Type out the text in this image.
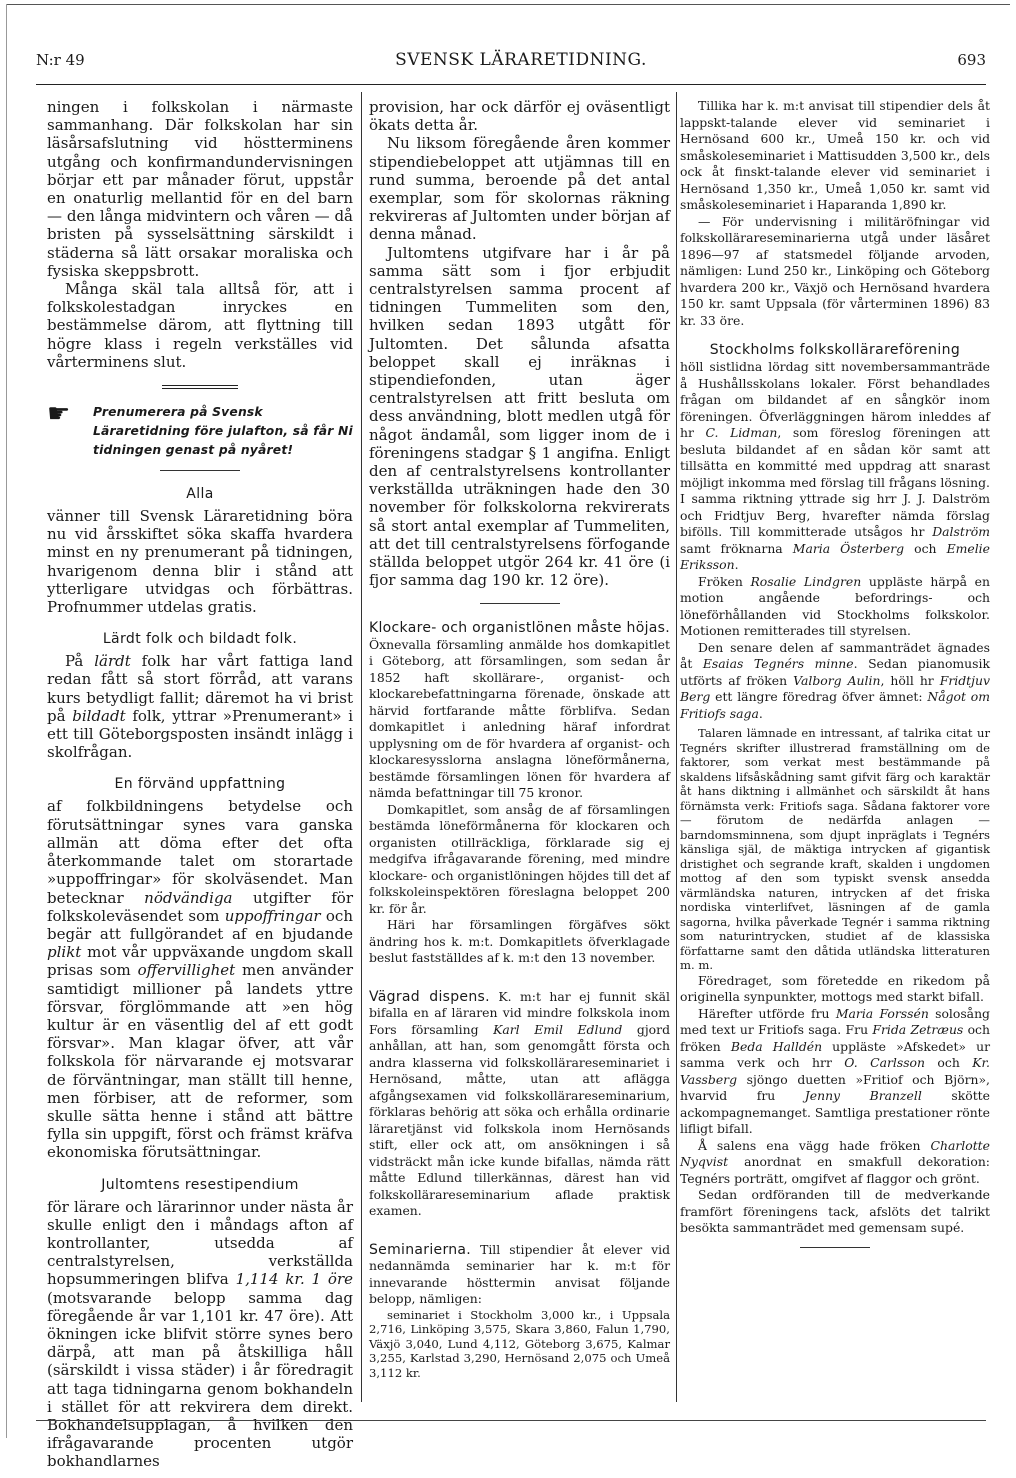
N:r 49	SVENSK LÄRARETIDNING.	693

ningen i folkskolan i närmaste sammanhang. Där folkskolan har sin läsårsafslutning vid höstterminens utgång och konfirmandundervisningen börjar ett par månader förut, uppstår en onaturlig mellantid för en del barn — den långa midvintern och våren — då bristen på sysselsättning särskildt i städerna så lätt orsakar moraliska och fysiska skeppsbrott.

Många skäl tala alltså för, att i folkskolestadgan inryckes en bestämmelse därom, att flyttning till högre klass i regeln verkställes vid vårterminens slut.

☛	Prenumerera på Svensk Läraretidning före julafton, så får Ni tidningen genast på nyåret!
Alla

vänner till Svensk Läraretidning böra nu vid årsskiftet söka skaffa hvardera minst en ny prenumerant på tidningen, hvarigenom denna blir i stånd att ytterligare utvidgas och förbättras. Profnummer utdelas gratis.

Lärdt folk och bildadt folk.

På lärdt folk har vårt fattiga land redan fått så stort förråd, att varans kurs betydligt fallit; däremot ha vi brist på bildadt folk, yttrar »Prenumerant» i ett till Göteborgsposten insändt inlägg i skolfrågan.

En förvänd uppfattning

af folkbildningens betydelse och förutsättningar synes vara ganska allmän att döma efter det ofta återkommande talet om storartade »uppoffringar» för skolväsendet. Man betecknar nödvändiga utgifter för folkskoleväsendet som uppoffringar och begär att fullgörandet af en bjudande plikt mot vår uppväxande ungdom skall prisas som offervillighet men använder samtidigt millioner på landets yttre försvar, förglömmande att »en hög kultur är en väsentlig del af ett godt försvar». Man klagar öfver, att vår folkskola för närvarande ej motsvarar de förväntningar, man ställt till henne, men förbiser, att de reformer, som skulle sätta henne i stånd att bättre fylla sin uppgift, först och främst kräfva ekonomiska förutsättningar.

Jultomtens resestipendium

för lärare och lärarinnor under nästa år skulle enligt den i måndags afton af kontrollanter, utsedda af centralstyrelsen, verkställda hopsummeringen blifva 1,114 kr. 1 öre (motsvarande belopp samma dag föregående år var 1,101 kr. 47 öre). Att ökningen icke blifvit större synes bero därpå, att man på åtskilliga håll (särskildt i vissa städer) i år föredragit att taga tidningarna genom bokhandeln i stället för att rekvirera dem direkt. Bokhandelsupplagan, å hvilken den ifrågavarande procenten utgör bokhandlarnes

provision, har ock därför ej oväsentligt ökats detta år.

Nu liksom föregående åren kommer stipendiebeloppet att utjämnas till en rund summa, beroende på det antal exemplar, som för skolornas räkning rekvireras af Jultomten under början af denna månad.

Jultomtens utgifvare har i år på samma sätt som i fjor erbjudit centralstyrelsen samma procent af tidningen Tummeliten som den, hvilken sedan 1893 utgått för Jultomten. Det sålunda afsatta beloppet skall ej inräknas i stipendiefonden, utan äger centralstyrelsen att fritt besluta om dess användning, blott medlen utgå för något ändamål, som ligger inom de i föreningens stadgar § 1 angifna. Enligt den af centralstyrelsens kontrollanter verkställda uträkningen hade den 30 november för folkskolorna rekvirerats så stort antal exemplar af Tummeliten, att det till centralstyrelsens förfogande ställda beloppet utgör 264 kr. 41 öre (i fjor samma dag 190 kr. 12 öre).

Klockare- och organistlönen måste höjas. Öxnevalla församling anmälde hos domkapitlet i Göteborg, att församlingen, som sedan år 1852 haft skollärare-, organist- och klockarebefattningarna förenade, önskade att härvid fortfarande måtte förblifva. Sedan domkapitlet i anledning häraf infordrat upplysning om de för hvardera af organist- och klockaresysslorna anslagna löneförmånerna, bestämde församlingen lönen för hvardera af nämda befattningar till 75 kronor.

Domkapitlet, som ansåg de af församlingen bestämda löneförmånerna för klockaren och organisten otillräckliga, förklarade sig ej medgifva ifrågavarande förening, med mindre klockare- och organistlöningen höjdes till det af folkskoleinspektören föreslagna beloppet 200 kr. för år.

Häri har församlingen förgäfves sökt ändring hos k. m:t. Domkapitlets öfverklagade beslut fastställdes af k. m:t den 13 november.

Vägrad dispens. K. m:t har ej funnit skäl bifalla en af läraren vid mindre folkskola inom Fors församling Karl Emil Edlund gjord anhållan, att han, som genomgått första och andra klasserna vid folkskollärareseminariet i Hernösand, måtte, utan att aflägga afgångsexamen vid folkskollärareseminarium, förklaras behörig att söka och erhålla ordinarie läraretjänst vid folkskola inom Hernösands stift, eller ock att, om ansökningen i så vidsträckt mån icke kunde bifallas, nämda rätt måtte Edlund tillerkännas, därest han vid folkskollärareseminarium aflade praktisk examen.

Seminarierna. Till stipendier åt elever vid nedannämda seminarier har k. m:t för innevarande hösttermin anvisat följande belopp, nämligen:

seminariet i Stockholm 3,000 kr., i Uppsala 2,716, Linköping 3,575, Skara 3,860, Falun 1,790, Växjö 3,040, Lund 4,112, Göteborg 3,675, Kalmar 3,255, Karlstad 3,290, Hernösand 2,075 och Umeå 3,112 kr.

Tillika har k. m:t anvisat till stipendier dels åt lappskt-talande elever vid seminariet i Hernösand 600 kr., Umeå 150 kr. och vid småskoleseminariet i Mattisudden 3,500 kr., dels ock åt finskt-talande elever vid seminariet i Hernösand 1,350 kr., Umeå 1,050 kr. samt vid småskoleseminariet i Haparanda 1,890 kr.

— För undervisning i militäröfningar vid folkskollärareseminarierna utgå under läsåret 1896—97 af statsmedel följande arvoden, nämligen: Lund 250 kr., Linköping och Göteborg hvardera 200 kr., Växjö och Hernösand hvardera 150 kr. samt Uppsala (för vårterminen 1896) 83 kr. 33 öre.

Stockholms folkskollärareförening

höll sistlidna lördag sitt novembersammanträde å Hushållsskolans lokaler. Först behandlades frågan om bildandet af en sångkör inom föreningen. Öfverläggningen härom inleddes af hr C. Lidman, som föreslog föreningen att besluta bildandet af en sådan kör samt att tillsätta en kommitté med uppdrag att snarast möjligt inkomma med förslag till frågans lösning. I samma riktning yttrade sig hrr J. J. Dalström och Fridtjuv Berg, hvarefter nämda förslag bifölls. Till kommitterade utsågos hr Dalström samt fröknarna Maria Österberg och Emelie Eriksson.

Fröken Rosalie Lindgren uppläste härpå en motion angående befordrings- och löneförhållanden vid Stockholms folkskolor. Motionen remitterades till styrelsen.

Den senare delen af sammanträdet ägnades åt Esaias Tegnérs minne. Sedan pianomusik utförts af fröken Valborg Aulin, höll hr Fridtjuv Berg ett längre föredrag öfver ämnet: Något om Fritiofs saga.

Talaren lämnade en intressant, af talrika citat ur Tegnérs skrifter illustrerad framställning om de faktorer, som verkat mest bestämmande på skaldens lifsåskådning samt gifvit färg och karaktär åt hans diktning i allmänhet och särskildt åt hans förnämsta verk: Fritiofs saga. Sådana faktorer vore — förutom de nedärfda anlagen — barndomsminnena, som djupt inpräglats i Tegnérs känsliga själ, de mäktiga intrycken af gigantisk dristighet och segrande kraft, skalden i ungdomen mottog af den som typiskt svensk ansedda värmländska naturen, intrycken af det friska nordiska vinterlifvet, läsningen af de gamla sagorna, hvilka påverkade Tegnér i samma riktning som naturintrycken, studiet af de klassiska författarne samt den dåtida utländska litteraturen m. m.

Föredraget, som företedde en rikedom på originella synpunkter, mottogs med starkt bifall.

Härefter utförde fru Maria Forssén solosång med text ur Fritiofs saga. Fru Frida Zetræus och fröken Beda Halldén uppläste »Afskedet» ur samma verk och hrr O. Carlsson och Kr. Vassberg sjöngo duetten »Fritiof och Björn», hvarvid fru Jenny Branzell skötte ackompagnemanget. Samtliga prestationer rönte lifligt bifall.

Å salens ena vägg hade fröken Charlotte Nyqvist anordnat en smakfull dekoration: Tegnérs porträtt, omgifvet af flaggor och grönt.

Sedan ordföranden till de medverkande framfört föreningens tack, afslöts det talrikt besökta sammanträdet med gemensam supé.
